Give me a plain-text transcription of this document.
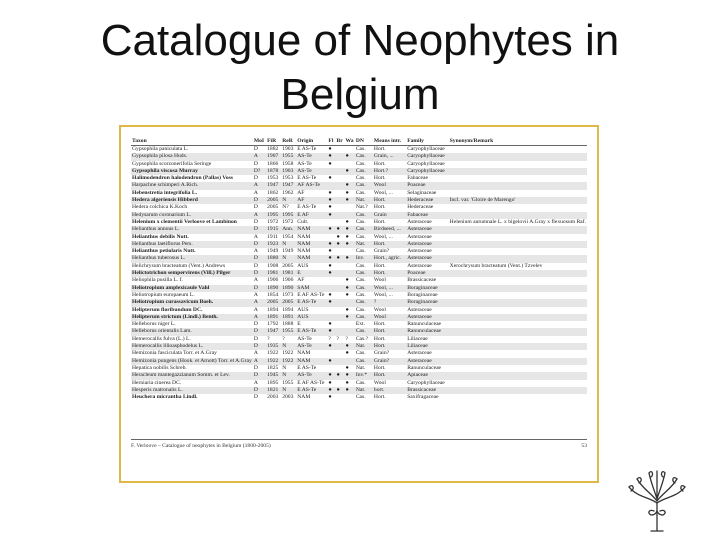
Catalogue of Neophytes in
Belgium
Taxon	MoI	FiR	ReR	Origin	Fl	Br	Wa	DN	Means intr.	Family	Synonym/Remark
Gypsophila paniculata L.	D	1882	1903	E AS-Te	●			Cas.	Hort.	Caryophyllaceae	
Gypsophila pilosa Huds.	A	1907	1955	AS-Te	●		●	Cas.	Grain, ...	Caryophyllaceae	
Gypsophila scorzonerifolia Seringe	D	1866	1958	AS-Te	●			Cas.	Hort.	Caryophyllaceae	
Gypsophila viscosa Murray	D?	1878	1903	AS-Te			●	Cas.	Hort.?	Caryophyllaceae	
Halimodendron halodendron (Pallas) Voss	D	1953	1953	E AS-Te	●			Cas.	Hort.	Fabaceae	
Harpachne schimperi A.Rich.	A	1947	1947	AF AS-Te			●	Cas.	Wool	Poaceae	
Hebenstretia integrifolia L.	A	1862	1962	AF	●		●	Cas.	Wool, ...	Selaginaceae	
Hedera algeriensis Hibberd	D	2005	N	AF	●		●	Nat.	Hort.	Hederaceae	Incl. var. 'Gloire de Marengo'
Hedera colchica K.Koch	D	2005	N?	E AS-Te	●			Nat.?	Hort.	Hederaceae	
Hedysarum coronarium L.	A	1995	1995	E AF	●			Cas.	Grain	Fabaceae	
Helenium x clementii Verloove et Lambinon	D	1972	1972	Cult.			●	Cas.	Hort.	Asteraceae	Helenium autumnale L. x bigelovii A.Gray x flexuosum Raf.
Helianthus annuus L.	D	1915	Ann.	NAM	●	●	●	Cas.	Birdseed, ...	Asteraceae	
Helianthus debilis Nutt.	A	1911	1954	NAM		●	●	Cas.	Wool, ...	Asteraceae	
Helianthus laetiflorus Pers.	D	1923	N	NAM	●	●	●	Nat.	Hort.	Asteraceae	
Helianthus petiolaris Nutt.	A	1949	1949	NAM	●			Cas.	Grain?	Asteraceae	
Helianthus tuberosus L.	D	1880	N	NAM	●	●	●	Inv.	Hort., agric.	Asteraceae	
Helichrysum bracteatum (Vent.) Andrews	D	1908	2005	AUS	●			Cas.	Hort.	Asteraceae	Xerochrysum bracteatum (Vent.) Tzvelev
Helictotrichon sempervirens (Vill.) Pilger	D	1981	1981	E	●			Cas.	Hort.	Poaceae	
Heliophila pusilla L. f.	A	1906	1906	AF			●	Cas.	Wool	Brassicaceae	
Heliotropium amplexicaule Vahl	D	1890	1890	SAM			●	Cas.	Wool, ...	Boraginaceae	
Heliotropium europaeum L.	A	1854	1973	E AF AS-Te	●		●	Cas.	Wool, ...	Boraginaceae	
Heliotropium curassavicum Boeh.	A	2005	2005	E AS-Te	●			Cas.	?	Boraginaceae	
Helipterum floribundum DC.	A	1894	1894	AUS			●	Cas.	Wool	Asteraceae	
Helipterum strictum (Lindl.) Benth.	A	1891	1891	AUS			●	Cas.	Wool	Asteraceae	
Helleborus niger L.	D	1792	1888	E	●			Ext.	Hort.	Ranunculaceae	
Helleborus orientalis Lam.	D	1947	1955	E AS-Te	●			Cas.	Hort.	Ranunculaceae	
Hemerocallis fulva (L.) L.	D	?	?	AS-Te	?	?	?	Cas.?	Hort.	Liliaceae	
Hemerocallis lilioasphodelus L.	D	1935	N	AS-Te	●		●	Nat.	Hort.	Liliaceae	
Hemizonia fasciculata Torr. et A.Gray	A	1922	1922	NAM			●	Cas.	Grain?	Asteraceae	
Hemizonia pungens (Hook. et Arnott) Torr. et A.Gray	A	1922	1922	NAM	●			Cas.	Grain?	Asteraceae	
Hepatica nobilis Schreb.	D	1825	N	E AS-Te			●	Nat.	Hort.	Ranunculaceae	
Heracleum mantegazzianum Somm. et Lev.	D	1945	N	AS-Te	●	●	●	Inv.*	Hort.	Apiaceae	
Herniaria cinerea DC.	A	1895	1955	E AF AS-Te	●		●	Cas.	Wool	Caryophyllaceae	
Hesperis matronalis L.	D	1821	N	E AS-Te	●	●	●	Nat.	hort.	Brassicaceae	
Heuchera micrantha Lindl.	D	2003	2003	NAM	●			Cas.	Hort.	Saxifragaceae	
F. Verloove – Catalogue of neophytes in Belgium (1800-2005)	53
